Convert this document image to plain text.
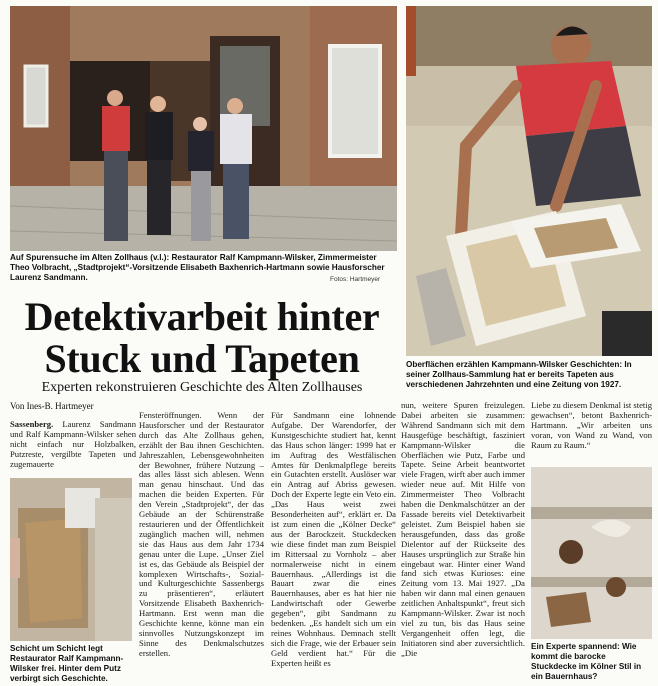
Auf Spurensuche im Alten Zollhaus (v.l.): Restaurator Ralf Kampmann-Wilsker, Zimmermeister Theo Volbracht, „Stadtprojekt“-Vorsitzende Elisabeth Baxhenrich-Hartmann sowie Hausforscher Laurenz Sandmann.	Fotos: Hartmeyer
Oberflächen erzählen Kampmann-Wilsker Geschichten: In seiner Zollhaus-Sammlung hat er bereits Tapeten aus verschiedenen Jahrzehnten und eine Zeitung von 1927.
Detektivarbeit hinter
Stuck und Tapeten
Experten rekonstruieren Geschichte des Alten Zollhauses
Von Ines-B. Hartmeyer
Sassenberg. Laurenz Sandmann und Ralf Kampmann-Wilsker sehen nicht einfach nur Holzbalken, Putzreste, vergilbte Tapeten und zugemauerte
Schicht um Schicht legt Restaurator Ralf Kampmann-Wilsker frei. Hinter dem Putz verbirgt sich Geschichte.
Fensteröffnungen. Wenn der Hausforscher und der Restaurator durch das Alte Zollhaus gehen, erzählt der Bau ihnen Geschichten. Jahreszahlen, Lebensgewohnheiten der Bewohner, frühere Nutzung – das alles lässt sich ablesen. Wenn man genau hinschaut. Und das machen die beiden Experten. Für den Verein „Stadtprojekt“, der das Gebäude an der Schürenstraße restaurieren und der Öffentlichkeit zugänglich machen will, nehmen sie das Haus aus dem Jahr 1734 genau unter die Lupe. „Unser Ziel ist es, das Gebäude als Beispiel der komplexen Wirtschafts-, Sozial- und Kulturgeschichte Sassenbergs zu präsentieren“, erläutert Vorsitzende Elisabeth Baxhenrich-Hartmann. Erst wenn man die Geschichte kenne, könne man ein sinnvolles Nutzungskonzept im Sinne des Denkmalschutzes erstellen.
Für Sandmann eine lohnende Aufgabe. Der Warendorfer, der Kunstgeschichte studiert hat, kennt das Haus schon länger: 1999 hat er im Auftrag des Westfälischen Amtes für Denkmalpflege bereits ein Gutachten erstellt. Auslöser war ein Antrag auf Abriss gewesen. Doch der Experte legte ein Veto ein. „Das Haus weist zwei Besonderheiten auf“, erklärt er. Da ist zum einen die „Kölner Decke“ aus der Barockzeit. Stuckdecken wie diese findet man zum Beispiel im Rittersaal zu Vornholz – aber normalerweise nicht in einem Bauernhaus. „Allerdings ist die Bauart zwar die eines Bauernhauses, aber es hat hier nie Landwirtschaft oder Gewerbe gegeben“, gibt Sandmann zu bedenken. „Es handelt sich um ein reines Wohnhaus. Demnach stellt sich die Frage, wie der Erbauer sein Geld verdient hat.“ Für die Experten heißt es
nun, weitere Spuren freizulegen. Dabei arbeiten sie zusammen: Während Sandmann sich mit dem Hausgefüge beschäftigt, fasziniert Kampmann-Wilsker die Oberflächen wie Putz, Farbe und Tapete. Seine Arbeit beantwortet viele Fragen, wirft aber auch immer wieder neue auf. Mit Hilfe von Zimmermeister Theo Volbracht haben die Denkmalschützer an der Fassade bereits viel Detektivarbeit geleistet. Zum Beispiel haben sie herausgefunden, dass das große Dielentor auf der Rückseite des Hauses ursprünglich zur Straße hin eingebaut war. Hinter einer Wand fand sich etwas Kurioses: eine Zeitung vom 13. Mai 1927. „Da haben wir dann mal einen genauen zeitlichen Anhaltspunkt“, freut sich Kampmann-Wilsker. Zwar ist noch viel zu tun, bis das Haus seine Vergangenheit offen legt, die Initiatoren sind aber zuversichtlich. „Die
Liebe zu diesem Denkmal ist stetig gewachsen“, betont Baxhenrich-Hartmann. „Wir arbeiten uns voran, von Wand zu Wand, von Raum zu Raum.“
Ein Experte spannend: Wie kommt die barocke Stuckdecke im Kölner Stil in ein Bauernhaus?
